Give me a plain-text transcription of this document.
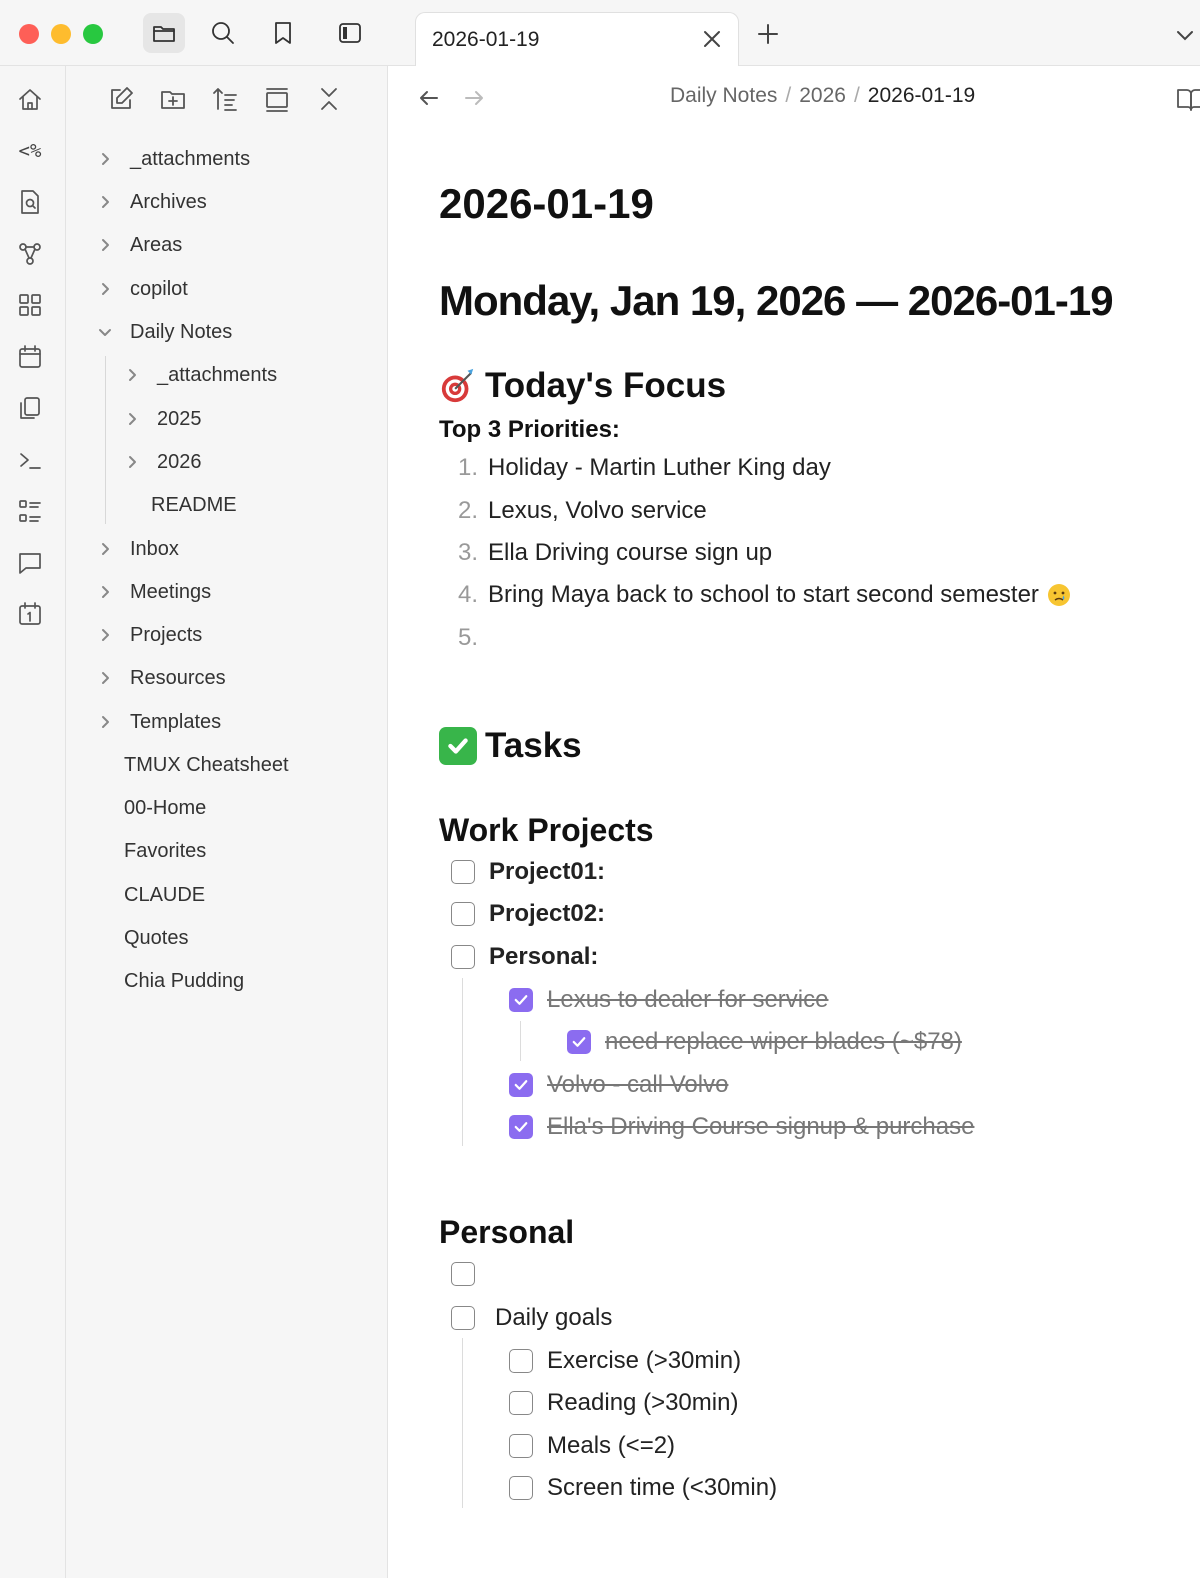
2026-01-19
<%	_attachments
Archives
Areas
copilot
Daily Notes
_attachments
2025
2026
README
Inbox
Meetings
Projects
Resources
Templates
TMUX Cheatsheet
00-Home
Favorites
CLAUDE
Quotes
Chia Pudding
Daily Notes / 2026 / 2026-01-19
2026-01-19
Monday, Jan 19, 2026 — 2026-01-19
Today's Focus
Top 3 Priorities:
1. Holiday - Martin Luther King day
2. Lexus, Volvo service
3. Ella Driving course sign up
4. Bring Maya back to school to start second semester
5.
Tasks
Work Projects
Project01:
Project02:
Personal:
Lexus to dealer for service
need replace wiper blades (~$78)
Volvo - call Volvo
Ella's Driving Course signup & purchase
Personal
Daily goals
Exercise (>30min)
Reading (>30min)
Meals (<=2)
Screen time (<30min)
